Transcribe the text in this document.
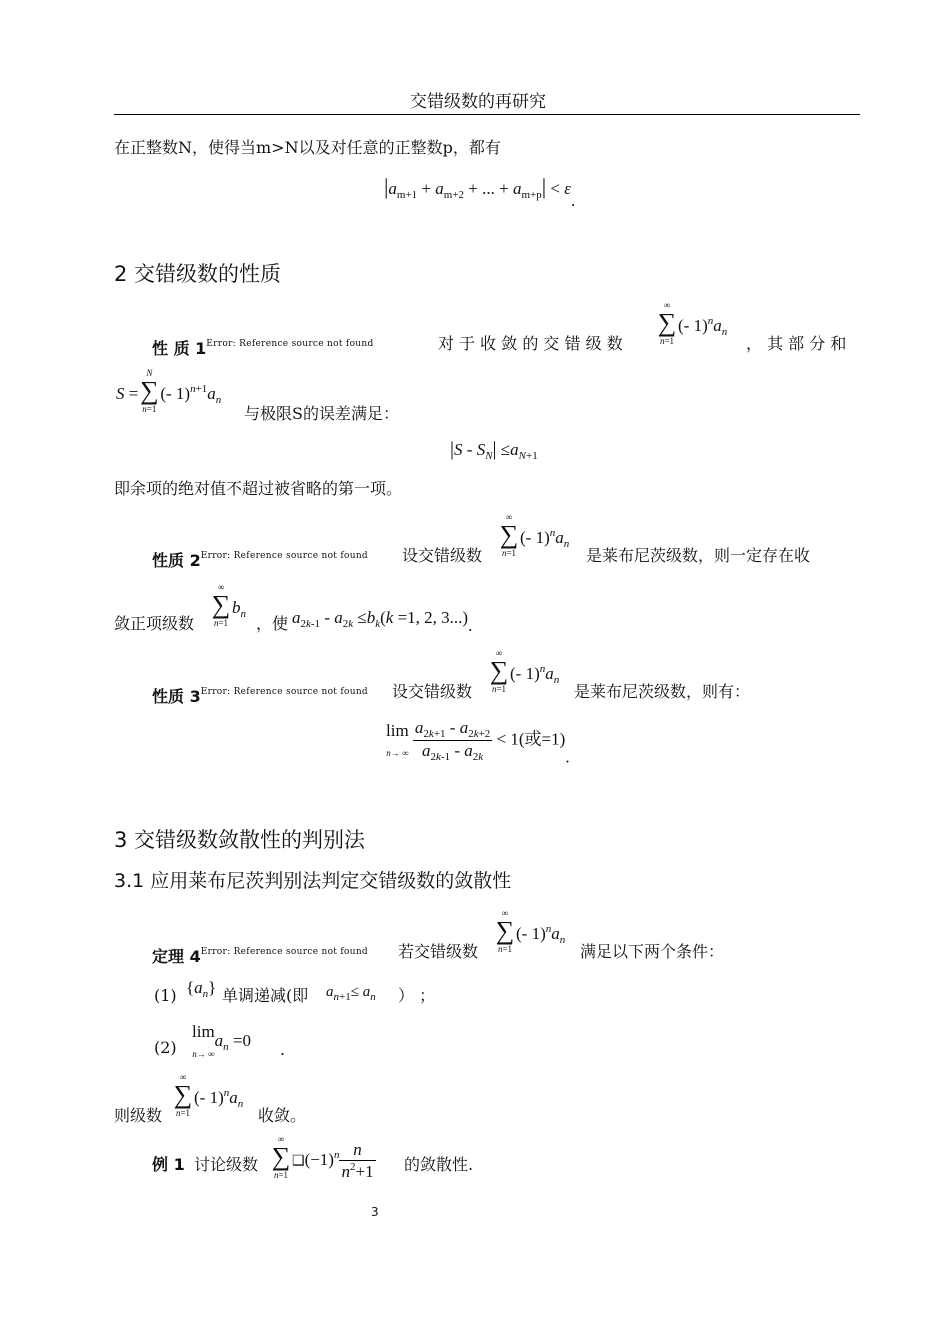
交错级数的再研究
在正整数N，使得当m>N以及对任意的正整数p，都有
$|a_{m+1} + a_{m+2}$ + ... + $a_{m+p}| < \varepsilon$.
2 交错级数的性质
性 质 $1^{Error: Reference source not found}$	对 于 收 敛 的 交 错 级 数
∞
∑
n=1
(- $1)^na_n$
， 其 部 分 和
S =
N
∑
n=1
(- $1)^{n+1}a_n$
与极限S的误差满足：
$|S - S_N| \le a_{N+1}$
即余项的绝对值不超过被省略的第一项。
性质 $2^{Error: Reference source not found}$ 设交错级数
∞
∑
n=1
(- $1)^na_n$
是莱布尼茨级数，则一定存在收
敛正项级数
∞
∑
n=1
$b_n$ ，使 $a_{2k-1} - a_{2k} \le b_k(k =1$, 2, 3...).
性质 $3^{Error: Reference source not found}$ 设交错级数
∞
∑
n=1
(- $1)^na_n$
是莱布尼茨级数，则有：
lim
n→ ∞ $\frac{a_{2k+1} - a_{2k+2}}{a_{2k-1} - a_{2k}} < 1$(或=1).
3 交错级数敛散性的判别法
3.1 应用莱布尼茨判别法判定交错级数的敛散性
定理 $4^{Error: Reference source not found}$ 若交错级数
∞
∑
n=1
(- $1)^na_n$
满足以下两个条件：
(1) $\{a_n\}$ 单调递减(即 $a_{n+1}\le a_n$ ） ；
(2)
lim
$n\to \infty a_n =0$ .
则级数
∞
∑
n=1
(- $1)^na_n$
收敛。
例 1 讨论级数
∞
∑
n=1
$❑(-1)^n \frac{n}{n^2+1}$ 的敛散性.
3
